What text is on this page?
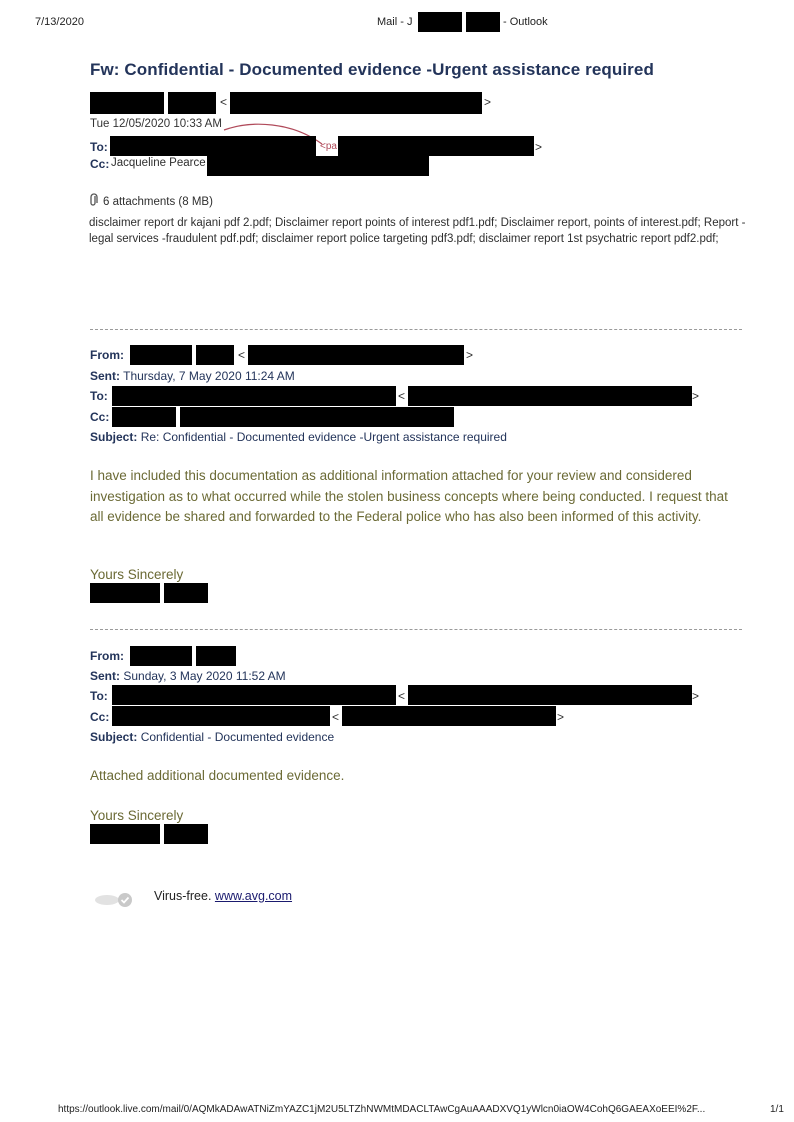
7/13/2020	Mail - J	- Outlook
Fw: Confidential - Documented evidence -Urgent assistance required
<	>
Tue 12/05/2020 10:33 AM
To:	<pa	>
Cc: Jacqueline Pearce
6 attachments (8 MB)
disclaimer report dr kajani pdf 2.pdf; Disclaimer report points of interest pdf1.pdf; Disclaimer report, points of interest.pdf; Report -legal services -fraudulent pdf.pdf; disclaimer report police targeting pdf3.pdf; disclaimer report 1st psychatric report pdf2.pdf;
From:	<	>
Sent: Thursday, 7 May 2020 11:24 AM
To:	<	>
Cc:
Subject: Re: Confidential - Documented evidence -Urgent assistance required
I have included this documentation as additional information attached for your review and considered investigation as to what occurred while the stolen business concepts where being conducted. I request that all evidence be shared and forwarded to the Federal police who has also been informed of this activity.
Yours Sincerely
From:
Sent: Sunday, 3 May 2020 11:52 AM
To:	<	>
Cc:	<	>
Subject: Confidential - Documented evidence
Attached additional documented evidence.
Yours Sincerely
Virus-free. www.avg.com
https://outlook.live.com/mail/0/AQMkADAwATNiZmYAZC1jM2U5LTZhNWMtMDACLTAwCgAuAAADXVQ1yWlcn0iaOW4CohQ6GAEAXoEEI%2F...	1/1
